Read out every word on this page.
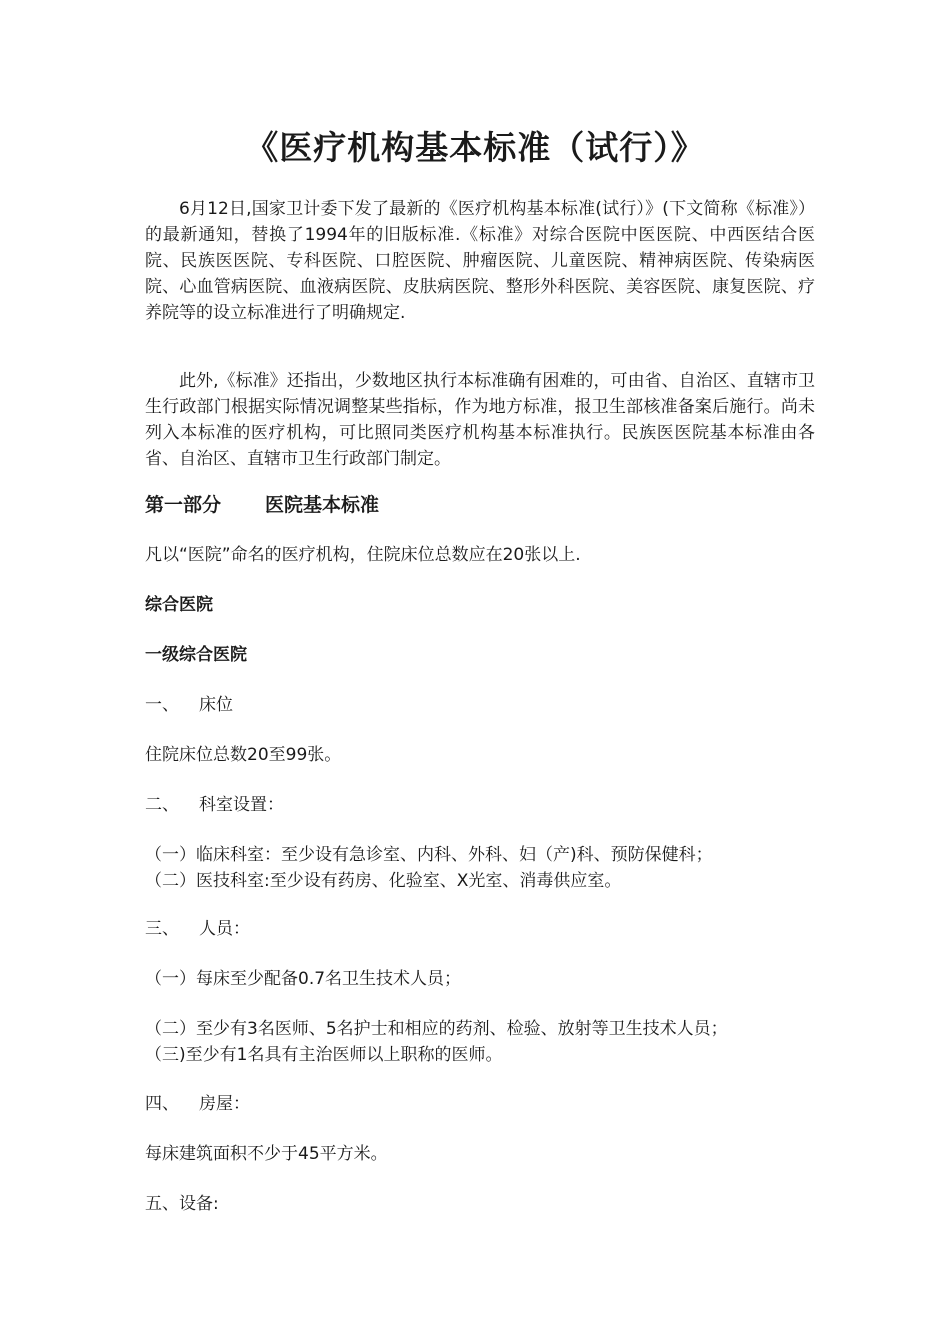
《医疗机构基本标准（试行）》

6月12日,国家卫计委下发了最新的《医疗机构基本标准(试行）》(下文简称《标准》）的最新通知，替换了1994年的旧版标准.《标准》对综合医院中医医院、中西医结合医院、民族医医院、专科医院、口腔医院、肿瘤医院、儿童医院、精神病医院、传染病医院、心血管病医院、血液病医院、皮肤病医院、整形外科医院、美容医院、康复医院、疗养院等的设立标准进行了明确规定.

此外,《标准》还指出，少数地区执行本标准确有困难的，可由省、自治区、直辖市卫生行政部门根据实际情况调整某些指标，作为地方标准，报卫生部核准备案后施行。尚未列入本标准的医疗机构，可比照同类医疗机构基本标准执行。民族医医院基本标准由各省、自治区、直辖市卫生行政部门制定。

第一部分 医院基本标准
凡以“医院”命名的医疗机构，住院床位总数应在20张以上.
综合医院
一级综合医院
一、 床位
住院床位总数20至99张。
二、 科室设置：
（一）临床科室：至少设有急诊室、内科、外科、妇（产)科、预防保健科；
（二）医技科室:至少设有药房、化验室、X光室、消毒供应室。
三、 人员：
（一）每床至少配备0.7名卫生技术人员；
（二）至少有3名医师、5名护士和相应的药剂、检验、放射等卫生技术人员；
（三)至少有1名具有主治医师以上职称的医师。
四、 房屋：
每床建筑面积不少于45平方米。
五、设备:
